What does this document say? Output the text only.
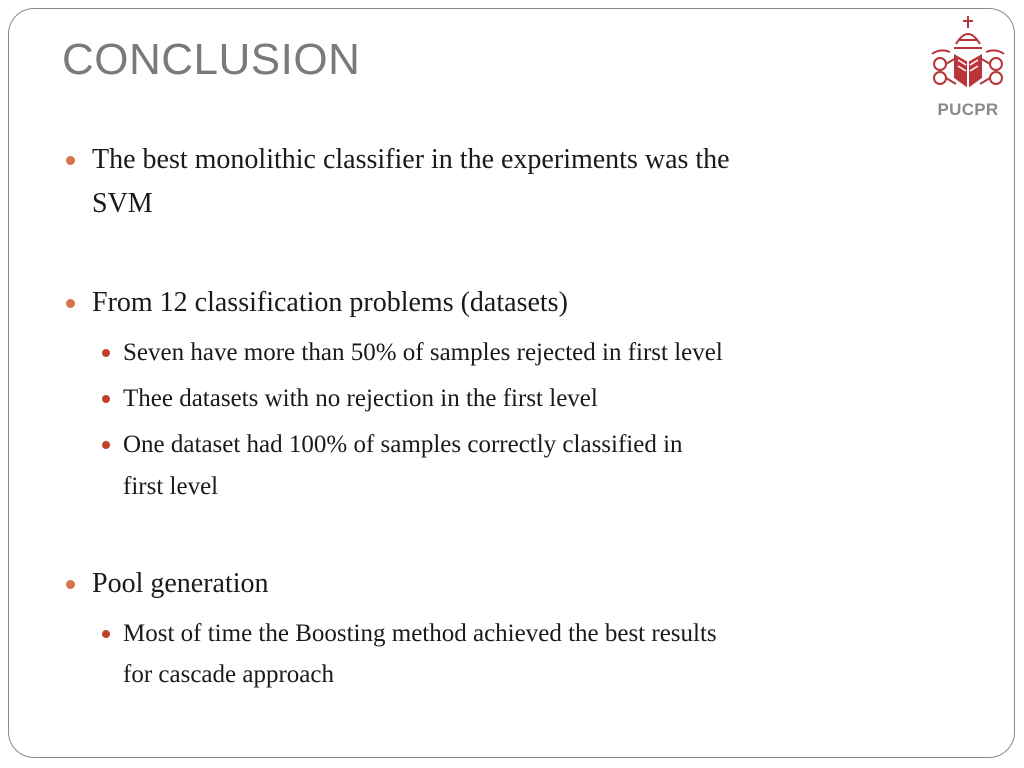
CONCLUSION
PUCPR
The best monolithic classifier in the experiments was the
SVM
From 12 classification problems (datasets)
Seven have more than 50% of samples rejected in first level
Thee datasets with no rejection in the first level
One dataset had 100% of samples correctly classified in
first level
Pool generation
Most of time the Boosting method achieved the best results
for cascade approach
